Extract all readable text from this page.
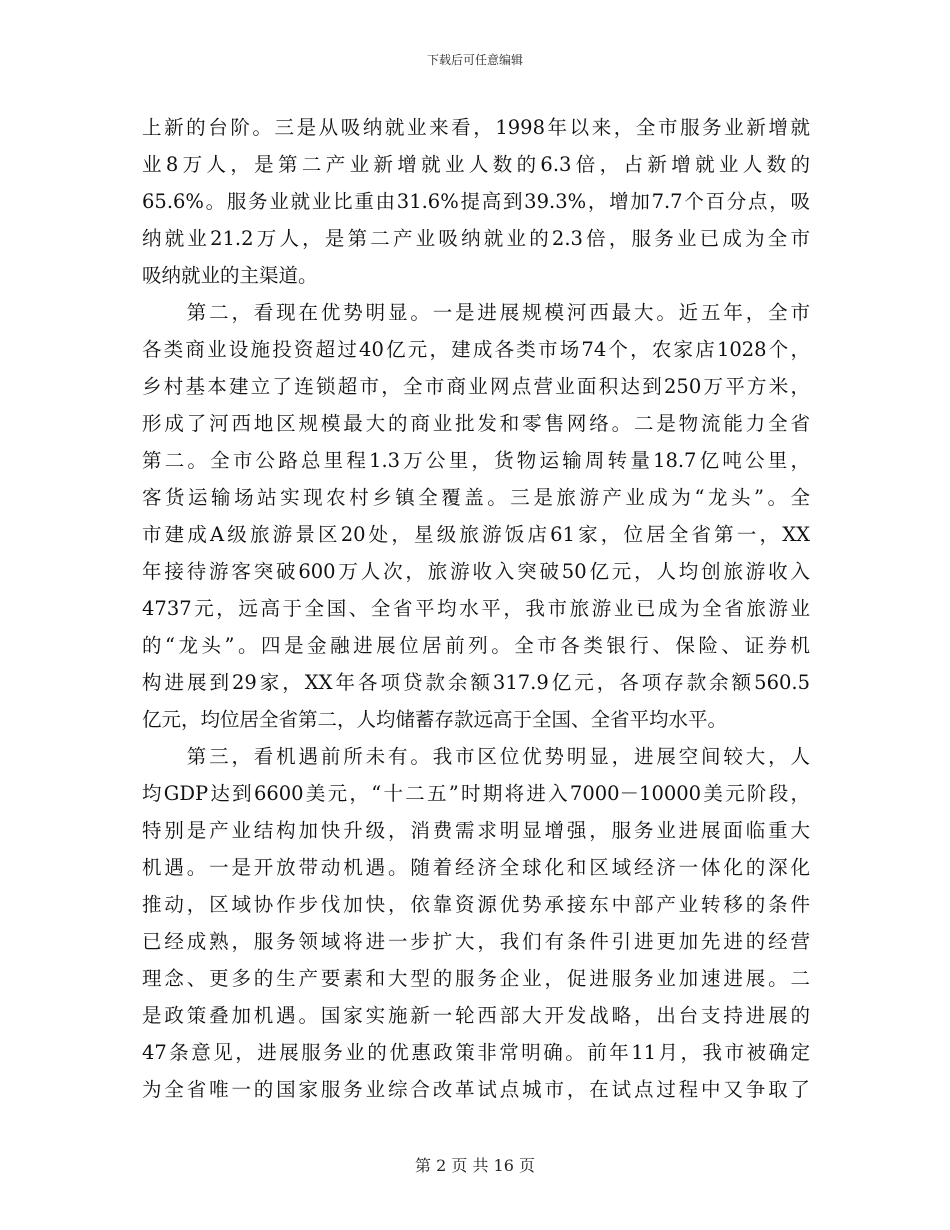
下载后可任意编辑
上新的台阶。三是从吸纳就业来看，1998年以来，全市服务业新增就
业8万人，是第二产业新增就业人数的6.3倍，占新增就业人数的
65.6%。服务业就业比重由31.6%提高到39.3%，增加7.7个百分点，吸
纳就业21.2万人，是第二产业吸纳就业的2.3倍，服务业已成为全市
吸纳就业的主渠道。
　　第二，看现在优势明显。一是进展规模河西最大。近五年，全市
各类商业设施投资超过40亿元，建成各类市场74个，农家店1028个，
乡村基本建立了连锁超市，全市商业网点营业面积达到250万平方米，
形成了河西地区规模最大的商业批发和零售网络。二是物流能力全省
第二。全市公路总里程1.3万公里，货物运输周转量18.7亿吨公里，
客货运输场站实现农村乡镇全覆盖。三是旅游产业成为“龙头”。全
市建成A级旅游景区20处，星级旅游饭店61家，位居全省第一，XX
年接待游客突破600万人次，旅游收入突破50亿元，人均创旅游收入
4737元，远高于全国、全省平均水平，我市旅游业已成为全省旅游业
的“龙头”。四是金融进展位居前列。全市各类银行、保险、证券机
构进展到29家，XX年各项贷款余额317.9亿元，各项存款余额560.5
亿元，均位居全省第二，人均储蓄存款远高于全国、全省平均水平。
　　第三，看机遇前所未有。我市区位优势明显，进展空间较大，人
均GDP达到6600美元，“十二五”时期将进入7000－10000美元阶段，
特别是产业结构加快升级，消费需求明显增强，服务业进展面临重大
机遇。一是开放带动机遇。随着经济全球化和区域经济一体化的深化
推动，区域协作步伐加快，依靠资源优势承接东中部产业转移的条件
已经成熟，服务领域将进一步扩大，我们有条件引进更加先进的经营
理念、更多的生产要素和大型的服务企业，促进服务业加速进展。二
是政策叠加机遇。国家实施新一轮西部大开发战略，出台支持进展的
47条意见，进展服务业的优惠政策非常明确。前年11月，我市被确定
为全省唯一的国家服务业综合改革试点城市，在试点过程中又争取了
第 2 页 共 16 页
